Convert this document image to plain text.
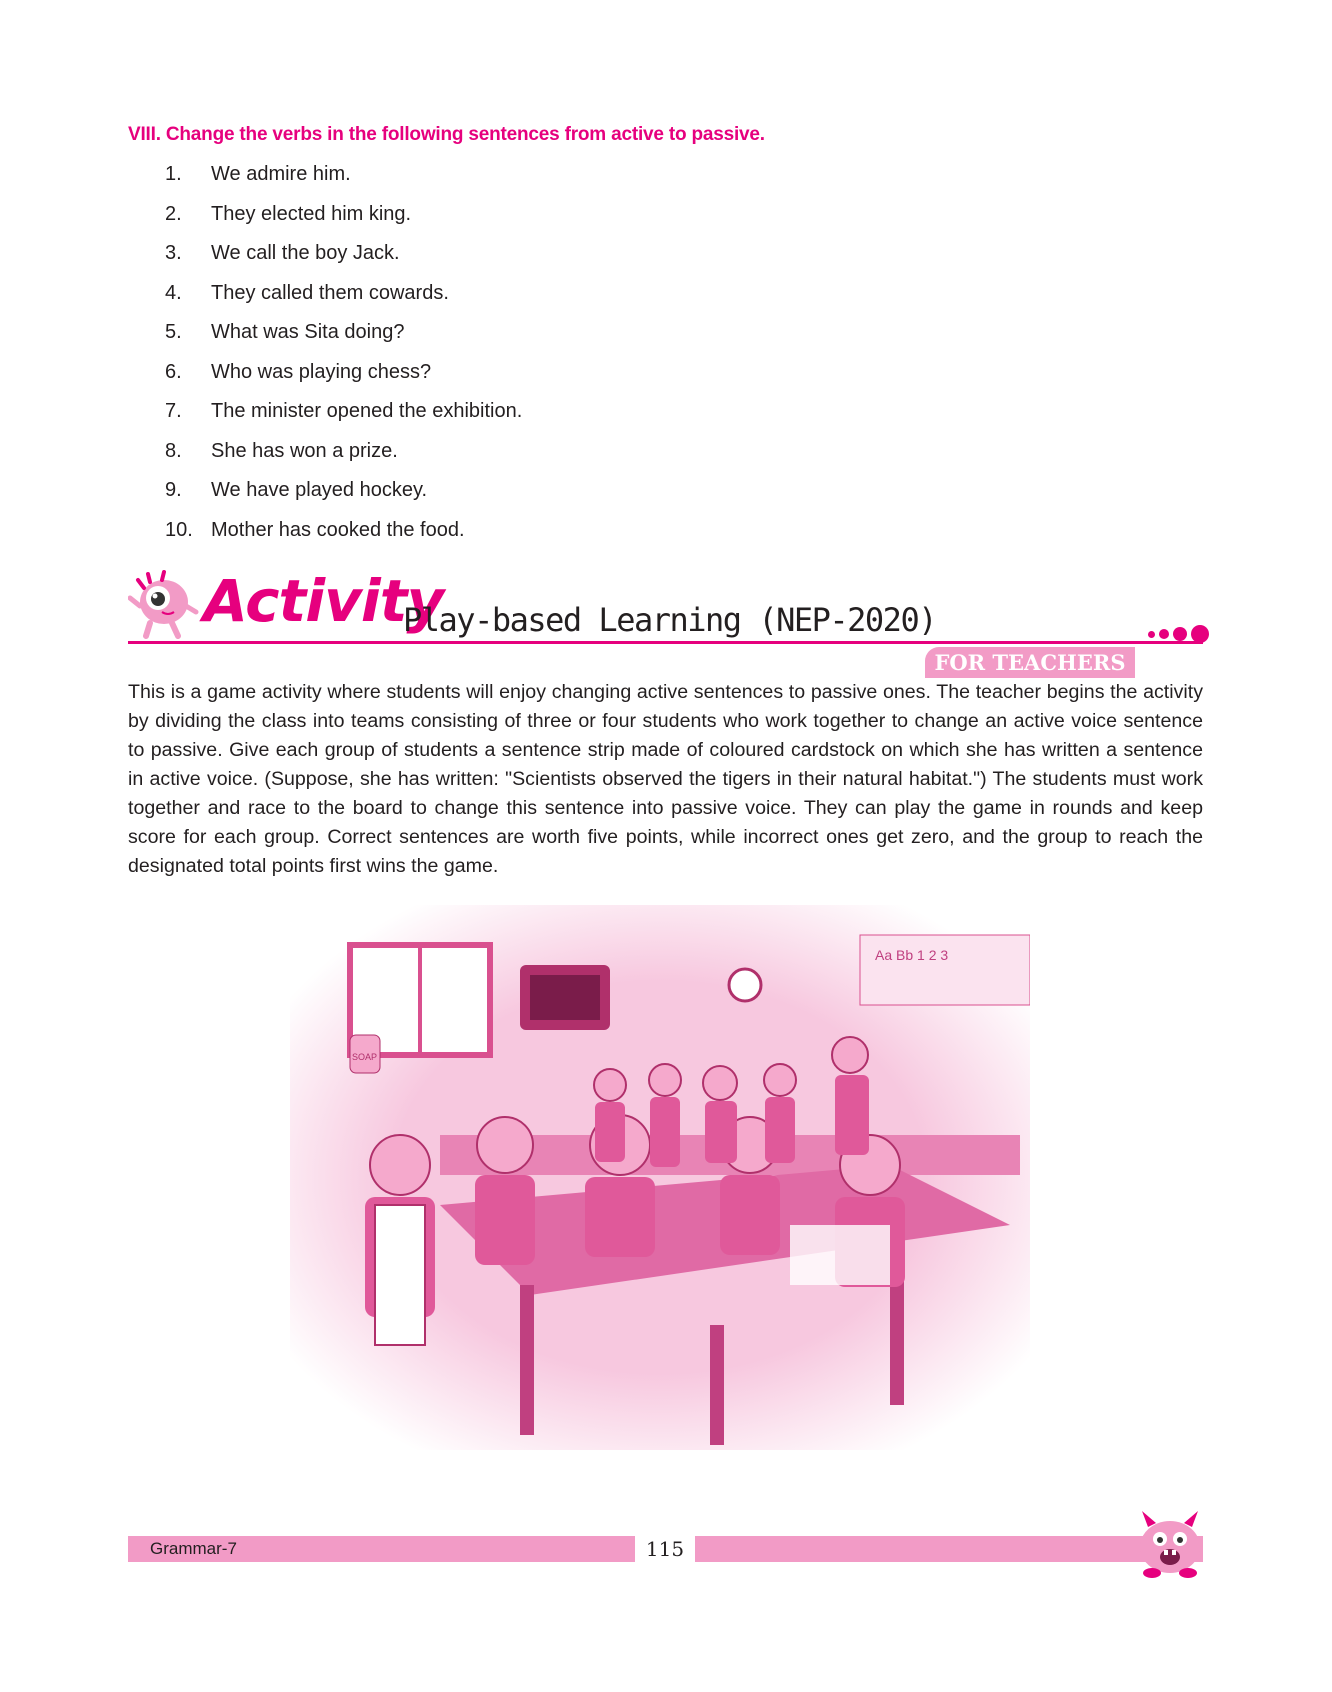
VIII. Change the verbs in the following sentences from active to passive.
1.	We admire him.
2.	They elected him king.
3.	We call the boy Jack.
4.	They called them cowards.
5.	What was Sita doing?
6.	Who was playing chess?
7.	The minister opened the exhibition.
8.	She has won a prize.
9.	We have played hockey.
10. Mother has cooked the food.
Activity
Play-based Learning (NEP-2020)
FOR TEACHERS

This is a game activity where students will enjoy changing active sentences to passive ones. The teacher begins the activity by dividing the class into teams consisting of three or four students who work together to change an active voice sentence to passive. Give each group of students a sentence strip made of coloured cardstock on which she has written a sentence in active voice. (Suppose, she has written: "Scientists observed the tigers in their natural habitat.") The students must work together and race to the board to change this sentence into passive voice. They can play the game in rounds and keep score for each group. Correct sentences are worth five points, while incorrect ones get zero, and the group to reach the designated total points first wins the game.

Aa Bb 1 2 3
SOAP
Grammar-7	115
